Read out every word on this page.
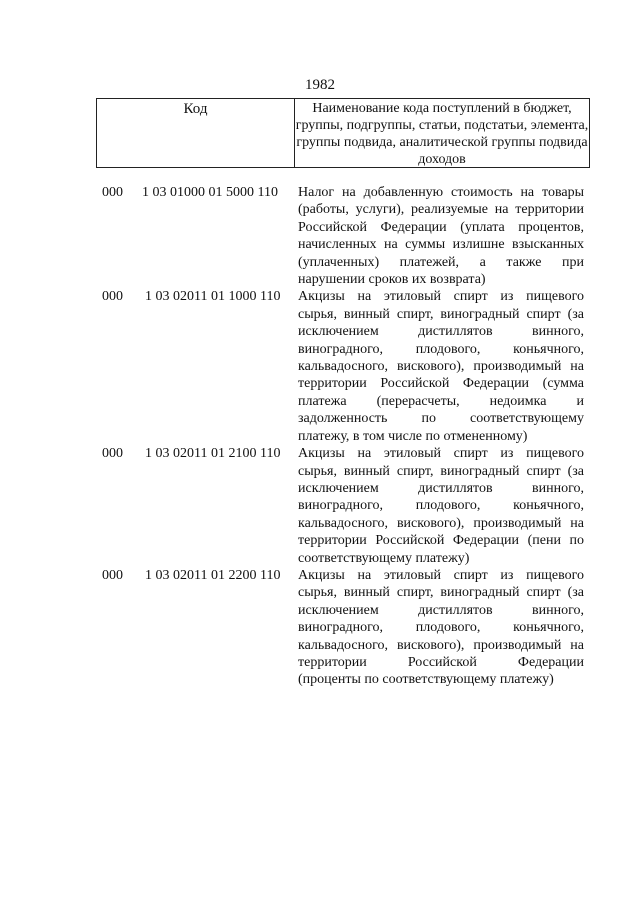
1982
Код	Наименование кода поступлений в бюджет, группы, подгруппы, статьи, подстатьи, элемента, группы подвида, аналитической группы подвида доходов
000	1 03 01000 01 5000 110	Налог на добавленную стоимость на товары
(работы, услуги), реализуемые на территории
Российской Федерации (уплата процентов,
начисленных на суммы излишне взысканных
(уплаченных) платежей, а также при
нарушении сроков их возврата)
000	1 03 02011 01 1000 110	Акцизы на этиловый спирт из пищевого
сырья, винный спирт, виноградный спирт (за
исключением дистиллятов винного,
виноградного, плодового, коньячного,
кальвадосного, вискового), производимый на
территории Российской Федерации (сумма
платежа (перерасчеты, недоимка и
задолженность по соответствующему
платежу, в том числе по отмененному)
000	1 03 02011 01 2100 110	Акцизы на этиловый спирт из пищевого
сырья, винный спирт, виноградный спирт (за
исключением дистиллятов винного,
виноградного, плодового, коньячного,
кальвадосного, вискового), производимый на
территории Российской Федерации (пени по
соответствующему платежу)
000	1 03 02011 01 2200 110	Акцизы на этиловый спирт из пищевого
сырья, винный спирт, виноградный спирт (за
исключением дистиллятов винного,
виноградного, плодового, коньячного,
кальвадосного, вискового), производимый на
территории Российской Федерации
(проценты по соответствующему платежу)
